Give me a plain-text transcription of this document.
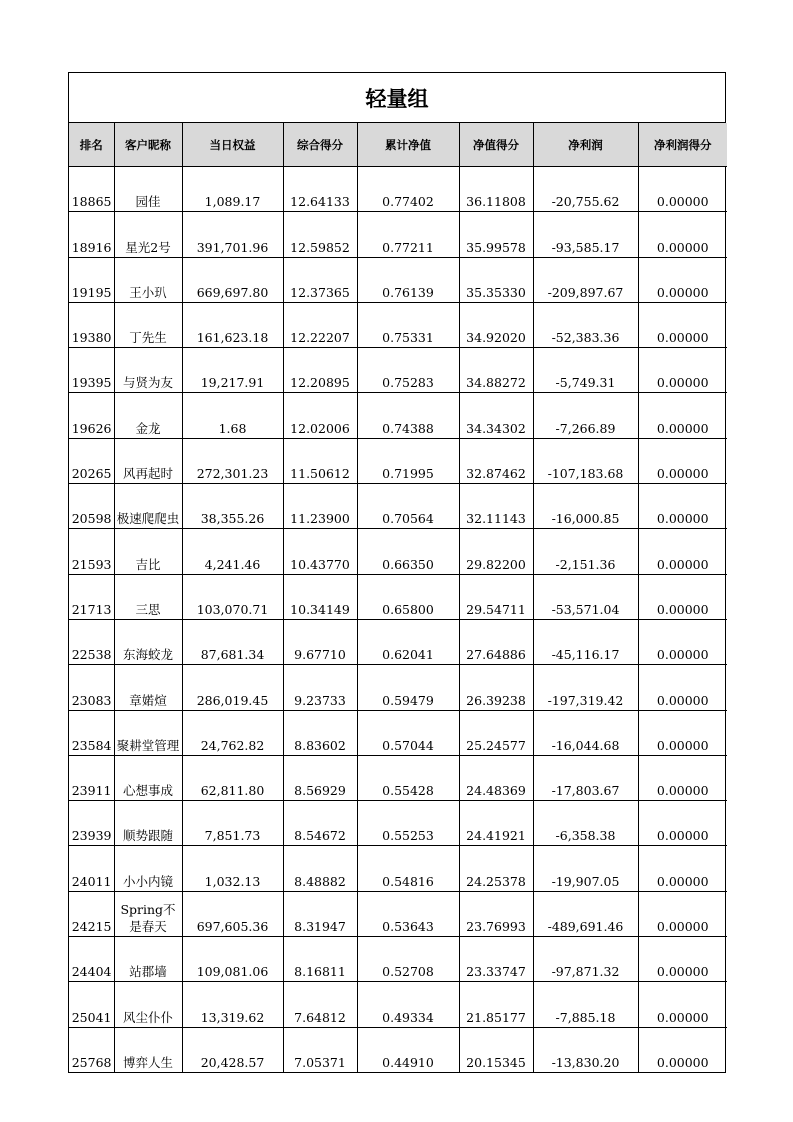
轻量组
排名	客户昵称	当日权益	综合得分	累计净值	净值得分	净利润	净利润得分
18865	园佳	1,089.17	12.64133	0.77402	36.11808	-20,755.62	0.00000
18916	星光2号	391,701.96	12.59852	0.77211	35.99578	-93,585.17	0.00000
19195	王小玐	669,697.80	12.37365	0.76139	35.35330	-209,897.67	0.00000
19380	丁先生	161,623.18	12.22207	0.75331	34.92020	-52,383.36	0.00000
19395	与贤为友	19,217.91	12.20895	0.75283	34.88272	-5,749.31	0.00000
19626	金龙	1.68	12.02006	0.74388	34.34302	-7,266.89	0.00000
20265	风再起时	272,301.23	11.50612	0.71995	32.87462	-107,183.68	0.00000
20598	极速爬爬虫	38,355.26	11.23900	0.70564	32.11143	-16,000.85	0.00000
21593	吉比	4,241.46	10.43770	0.66350	29.82200	-2,151.36	0.00000
21713	三思	103,070.71	10.34149	0.65800	29.54711	-53,571.04	0.00000
22538	东海蛟龙	87,681.34	9.67710	0.62041	27.64886	-45,116.17	0.00000
23083	章婼煊	286,019.45	9.23733	0.59479	26.39238	-197,319.42	0.00000
23584	聚耕堂管理	24,762.82	8.83602	0.57044	25.24577	-16,044.68	0.00000
23911	心想事成	62,811.80	8.56929	0.55428	24.48369	-17,803.67	0.00000
23939	顺势跟随	7,851.73	8.54672	0.55253	24.41921	-6,358.38	0.00000
24011	小小内镜	1,032.13	8.48882	0.54816	24.25378	-19,907.05	0.00000
24215	Spring不是春天	697,605.36	8.31947	0.53643	23.76993	-489,691.46	0.00000
24404	站郡墙	109,081.06	8.16811	0.52708	23.33747	-97,871.32	0.00000
25041	风尘仆仆	13,319.62	7.64812	0.49334	21.85177	-7,885.18	0.00000
25768	博弈人生	20,428.57	7.05371	0.44910	20.15345	-13,830.20	0.00000
